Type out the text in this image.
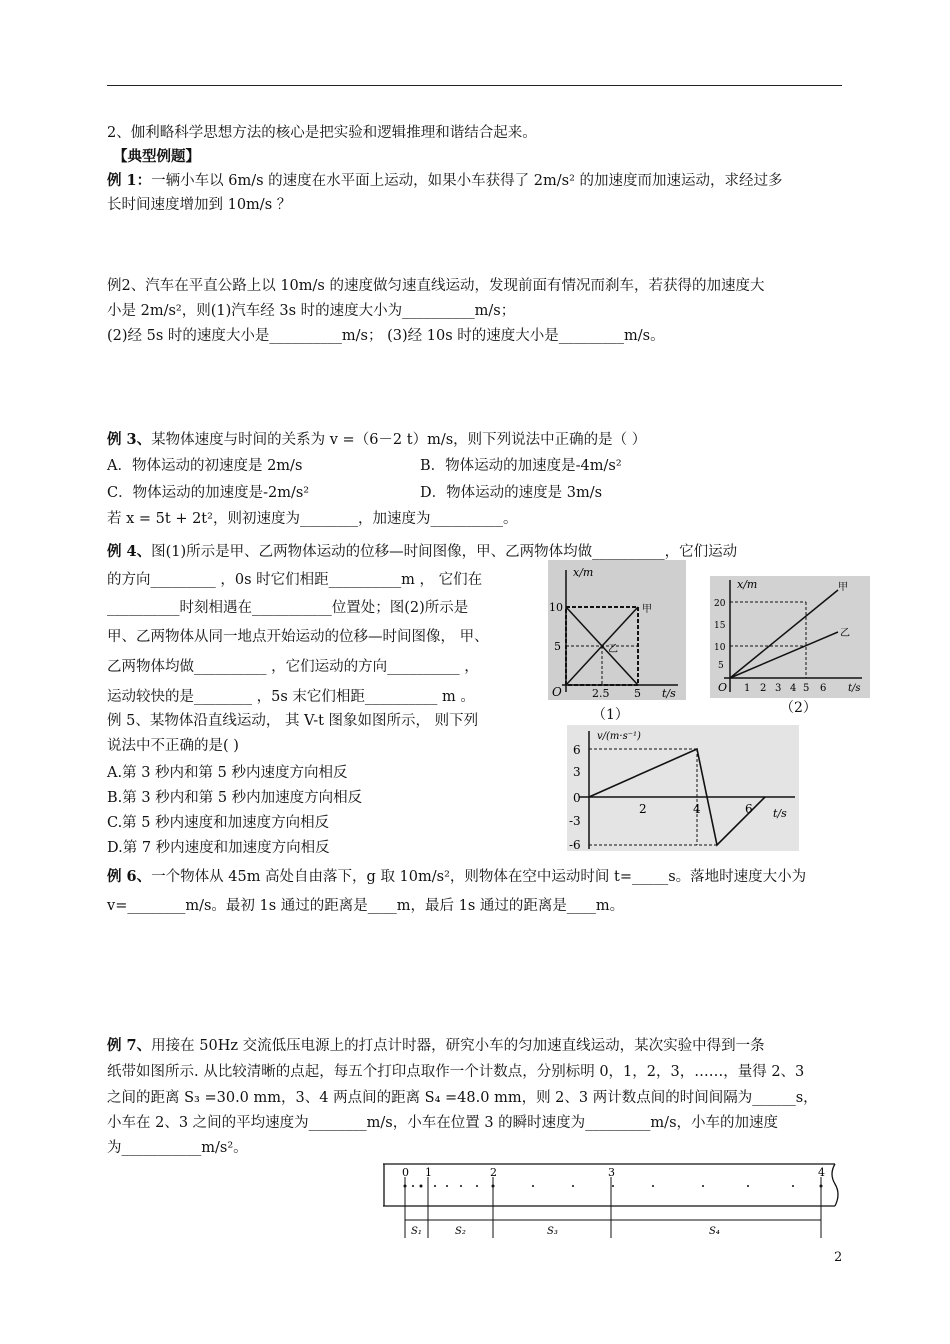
2、伽利略科学思想方法的核心是把实验和逻辑推理和谐结合起来。
【典型例题】
例 1：一辆小车以 6m/s 的速度在水平面上运动，如果小车获得了 2m/s² 的加速度而加速运动，求经过多
长时间速度增加到 10m/s ？
例2、汽车在平直公路上以 10m/s 的速度做匀速直线运动，发现前面有情况而刹车，若获得的加速度大
小是 2m/s²，则(1)汽车经 3s 时的速度大小为__________m/s；
(2)经 5s 时的速度大小是__________m/s； (3)经 10s 时的速度大小是_________m/s。
例 3、某物体速度与时间的关系为 v =（6－2 t）m/s，则下列说法中正确的是（ ）
A．物体运动的初速度是 2m/s	B．物体运动的加速度是-4m/s²
C．物体运动的加速度是-2m/s²	D．物体运动的速度是 3m/s
若 x = 5t + 2t²，则初速度为________，加速度为__________。
例 4、图(1)所示是甲、乙两物体运动的位移—时间图像，甲、乙两物体均做__________，它们运动
的方向_________ ，0s 时它们相距__________m ， 它们在
__________时刻相遇在___________位置处；图(2)所示是
甲、乙两物体从同一地点开始运动的位移—时间图像， 甲、
乙两物体均做__________ ，它们运动的方向__________ ，
运动较快的是________ ，5s 末它们相距__________ m 。
例 5、某物体沿直线运动， 其 V-t 图象如图所示， 则下列
说法中不正确的是( )
A.第 3 秒内和第 5 秒内速度方向相反
B.第 3 秒内和第 5 秒内加速度方向相反
C.第 5 秒内速度和加速度方向相反
D.第 7 秒内速度和加速度方向相反
例 6、一个物体从 45m 高处自由落下，g 取 10m/s²，则物体在空中运动时间 t=_____s。落地时速度大小为
v=________m/s。最初 1s 通过的距离是____m，最后 1s 通过的距离是____m。
例 7、用接在 50Hz 交流低压电源上的打点计时器，研究小车的匀加速直线运动，某次实验中得到一条
纸带如图所示. 从比较清晰的点起，每五个打印点取作一个计数点，分别标明 0，1，2，3，……，量得 2、3
之间的距离 S₃ =30.0 mm，3、4 两点间的距离 S₄ =48.0 mm，则 2、3 两计数点间的时间间隔为______s，
小车在 2、3 之间的平均速度为________m/s，小车在位置 3 的瞬时速度为_________m/s，小车的加速度
为___________m/s²。
x/m
10
5
O	2.5 5 t/s
甲
乙
（1）
x/m
20
15
10
5
O 1 2 3 4 5 6 t/s
甲
乙
（2）
v/(m·s⁻¹)
6
3
0
-3
-6
2	4	6 t/s
0 1	2	3	4
S₁	S₂	S₃	S₄
2
